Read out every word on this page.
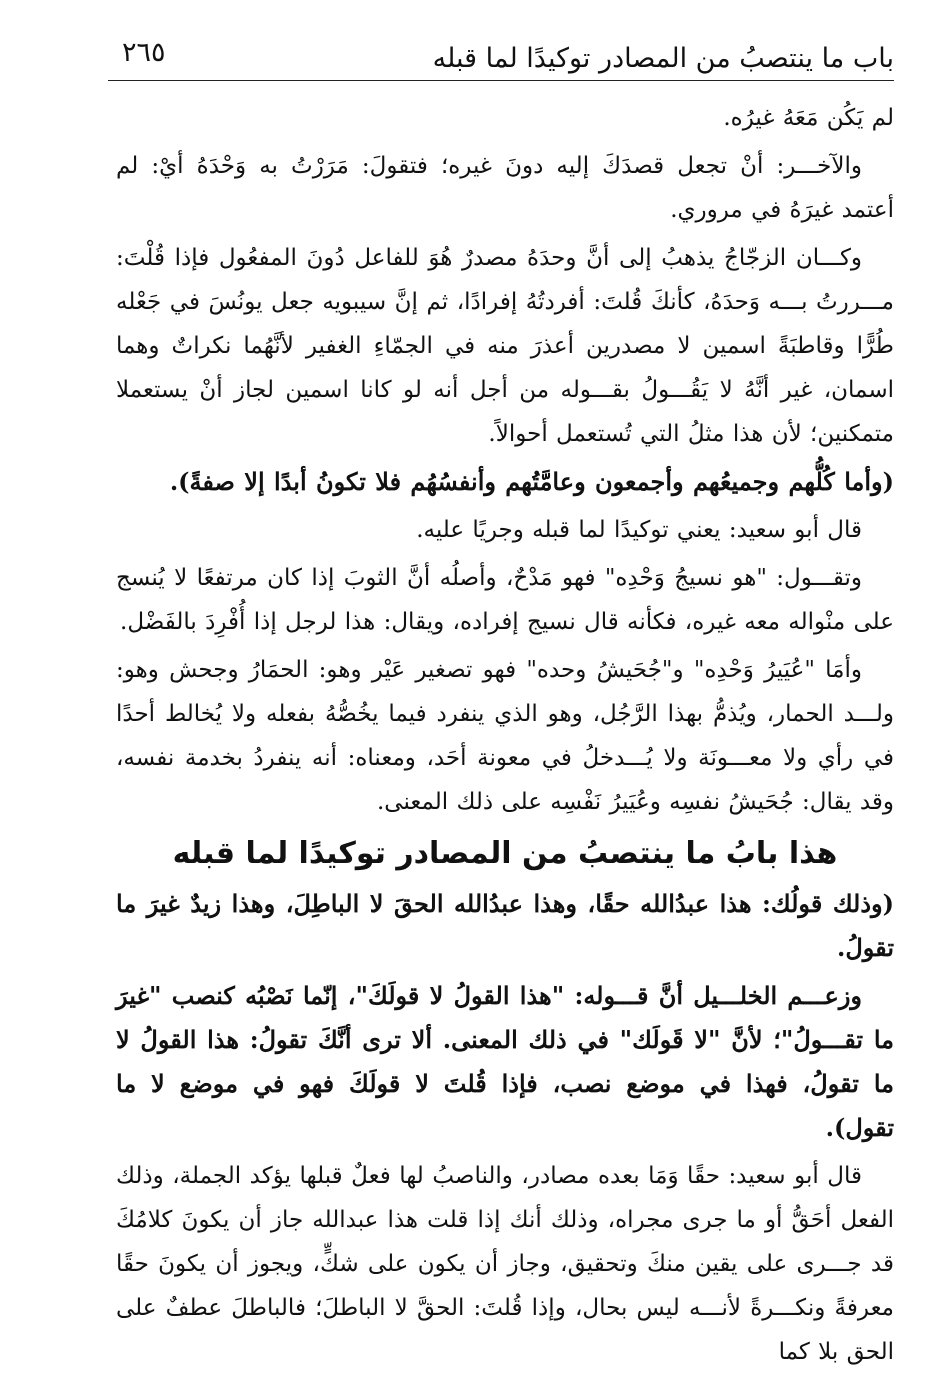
باب ما ينتصبُ من المصادر توكيدًا لما قبله
٢٦٥

لم يَكُن مَعَهُ غيرُه.

والآخـــر: أنْ تجعل قصدَكَ إليه دونَ غيره؛ فتقولَ: مَرَرْتُ به وَحْدَهُ أيْ: لم أعتمد غيرَهُ في مروري.

وكـــان الزجّاجُ يذهبُ إلى أنَّ وحدَهُ مصدرٌ هُوَ للفاعل دُونَ المفعُول فإذا قُلْتَ: مـــررتُ بـــه وَحدَهُ، كأنكَ قُلتَ: أفردتُهُ إفرادًا، ثم إنَّ سيبويه جعل يونُسَ في جَعْله طُرًّا وقاطبَةً اسمين لا مصدرين أعذرَ منه في الجمّاءِ الغفير لأنَّهُما نكراتٌ وهما اسمان، غير أنَّهُ لا يَقُـــولُ بقـــوله من أجل أنه لو كانا اسمين لجاز أنْ يستعملا متمكنين؛ لأن هذا مثلُ التي تُستعمل أحوالاً.

(وأما كُلُّهم وجميعُهم وأجمعون وعامَّتُهم وأنفسُهُم فلا تكونُ أبدًا إلا صفةً).

قال أبو سعيد: يعني توكيدًا لما قبله وجريًا عليه.

وتقـــول: "هو نسيجُ وَحْدِه" فهو مَدْحٌ، وأصلُه أنَّ الثوبَ إذا كان مرتفعًا لا يُنسج على منْواله معه غيره، فكأنه قال نسيج إفراده، ويقال: هذا لرجل إذا أُفْرِدَ بالفَضْل.

وأمَا "عُيَيرُ وَحْدِه" و"جُحَيشُ وحده" فهو تصغير عَيْر وهو: الحمَارُ وجحش وهو: ولـــد الحمار، ويُذمُّ بهذا الرَّجُل، وهو الذي ينفرد فيما يخُصُّهُ بفعله ولا يُخالط أحدًا في رأي ولا معـــونَة ولا يُـــدخلُ في معونة أحَد، ومعناه: أنه ينفردُ بخدمة نفسه، وقد يقال: جُحَيشُ نفسِه وعُيَيرُ نَفْسِه على ذلك المعنى.

هذا بابُ ما ينتصبُ من المصادر توكيدًا لما قبله

(وذلك قولُك: هذا عبدُالله حقًا، وهذا عبدُالله الحقَ لا الباطِلَ، وهذا زيدٌ غيرَ ما تقولُ.

وزعـــم الخلـــيل أنَّ قـــوله: "هذا القولُ لا قولَكَ"، إنّما نَصْبُه كنصب "غيرَ ما تقـــولُ"؛ لأنَّ "لا قَولَك" في ذلك المعنى. ألا ترى أنَّكَ تقولُ: هذا القولُ لا ما تقولُ، فهذا في موضع نصب، فإذا قُلتَ لا قولَكَ فهو في موضع لا ما تقول).

قال أبو سعيد: حقًا وَمَا بعده مصادر، والناصبُ لها فعلٌ قبلها يؤكد الجملة، وذلك الفعل أحَقُّ أو ما جرى مجراه، وذلك أنك إذا قلت هذا عبدالله جاز أن يكونَ كلامُكَ قد جـــرى على يقين منكَ وتحقيق، وجاز أن يكون على شكٍّ، ويجوز أن يكونَ حقًا معرفةً ونكـــرةً لأنـــه ليس بحال، وإذا قُلتَ: الحقَّ لا الباطلَ؛ فالباطلَ عطفٌ على الحق بلا كما
